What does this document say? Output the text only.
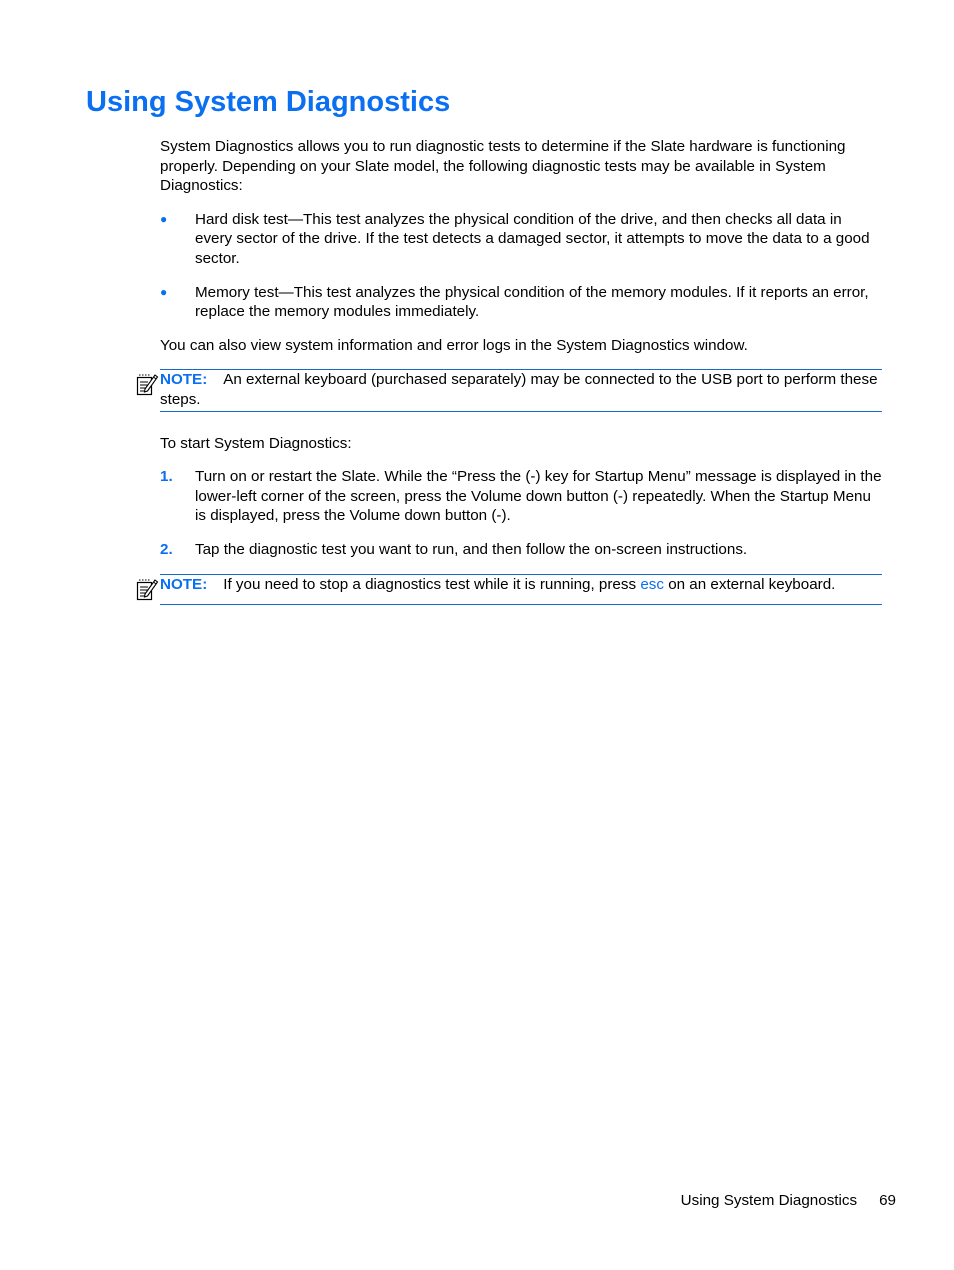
Using System Diagnostics

System Diagnostics allows you to run diagnostic tests to determine if the Slate hardware is functioning properly. Depending on your Slate model, the following diagnostic tests may be available in System Diagnostics:

● Hard disk test—This test analyzes the physical condition of the drive, and then checks all data in every sector of the drive. If the test detects a damaged sector, it attempts to move the data to a good sector.
● Memory test—This test analyzes the physical condition of the memory modules. If it reports an error, replace the memory modules immediately.

You can also view system information and error logs in the System Diagnostics window.

NOTE: An external keyboard (purchased separately) may be connected to the USB port to perform these steps.

To start System Diagnostics:

1. Turn on or restart the Slate. While the “Press the (-) key for Startup Menu” message is displayed in the lower-left corner of the screen, press the Volume down button (-) repeatedly. When the Startup Menu is displayed, press the Volume down button (-).
2. Tap the diagnostic test you want to run, and then follow the on-screen instructions.
NOTE: If you need to stop a diagnostics test while it is running, press esc on an external keyboard.
Using System Diagnostics 69
